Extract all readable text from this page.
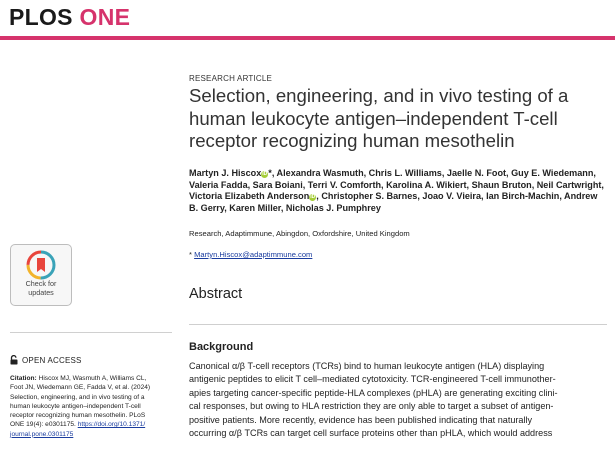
PLOS ONE
RESEARCH ARTICLE
Selection, engineering, and in vivo testing of a human leukocyte antigen–independent T-cell receptor recognizing human mesothelin
Martyn J. HiscoxiD*, Alexandra Wasmuth, Chris L. Williams, Jaelle N. Foot, Guy E. Wiedemann, Valeria Fadda, Sara Boiani, Terri V. Comforth, Karolina A. Wikiert, Shaun Bruton, Neil Cartwright, Victoria Elizabeth AndersoniD, Christopher S. Barnes, Joao V. Vieira, Ian Birch-Machin, Andrew B. Gerry, Karen Miller, Nicholas J. Pumphrey
Research, Adaptimmune, Abingdon, Oxfordshire, United Kingdom
* Martyn.Hiscox@adaptimmune.com
Abstract
Background

Canonical α/β T-cell receptors (TCRs) bind to human leukocyte antigen (HLA) displaying
antigenic peptides to elicit T cell–mediated cytotoxicity. TCR-engineered T-cell immunother-
apies targeting cancer-specific peptide-HLA complexes (pHLA) are generating exciting clini-
cal responses, but owing to HLA restriction they are only able to target a subset of antigen-
positive patients. More recently, evidence has been published indicating that naturally
occurring α/β TCRs can target cell surface proteins other than pHLA, which would address

Check for
updates
OPEN ACCESS
Citation: Hiscox MJ, Wasmuth A, Williams CL,
Foot JN, Wiedemann GE, Fadda V, et al. (2024)
Selection, engineering, and in vivo testing of a
human leukocyte antigen–independent T-cell
receptor recognizing human mesothelin. PLoS
ONE 19(4): e0301175. https://doi.org/10.1371/
journal.pone.0301175
